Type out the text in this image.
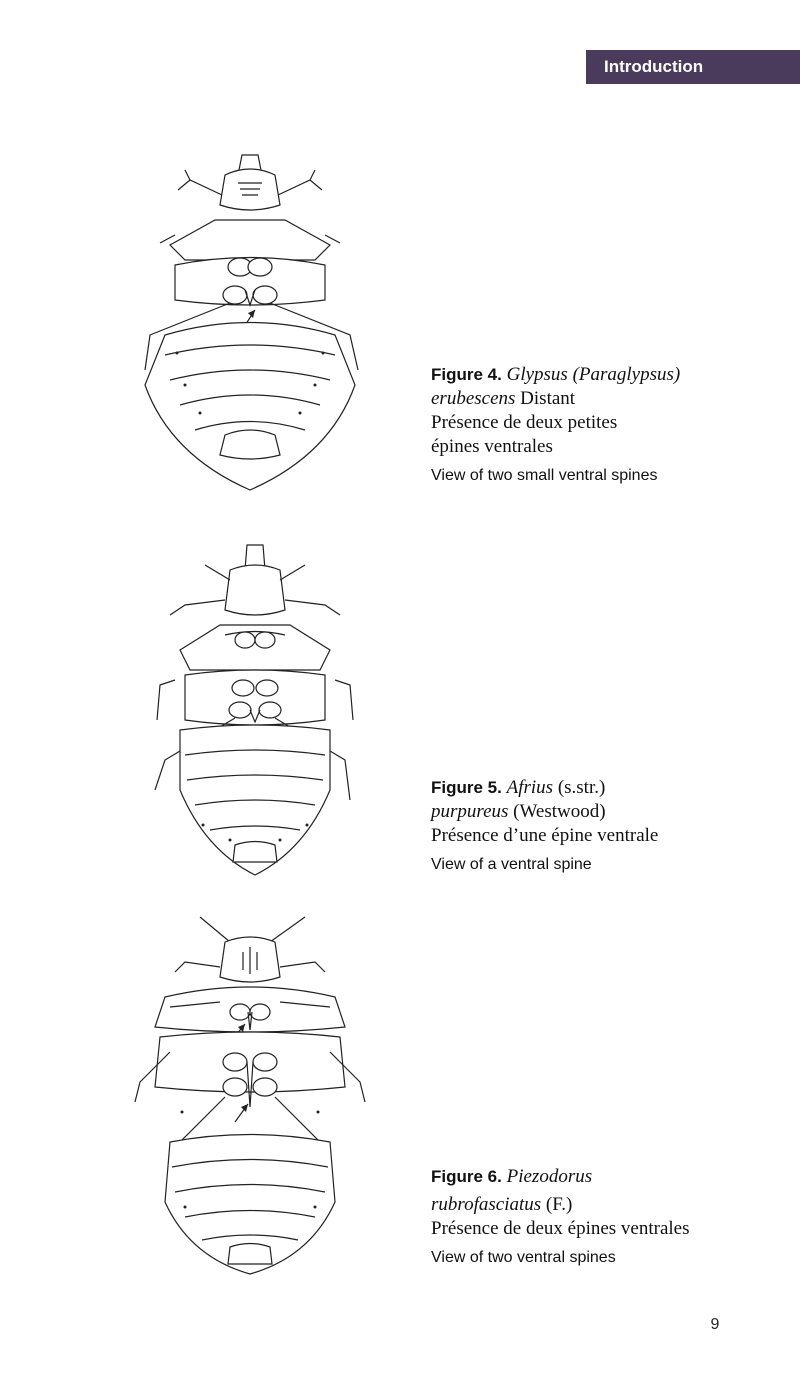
Introduction
Figure 4. Glypsus (Paraglypsus)
erubescens Distant
Présence de deux petites
épines ventrales
View of two small ventral spines
Figure 5. Afrius (s.str.)
purpureus (Westwood)
Présence d’une épine ventrale
View of a ventral spine
Figure 6. Piezodorus
rubrofasciatus (F.)
Présence de deux épines ventrales
View of two ventral spines
9
